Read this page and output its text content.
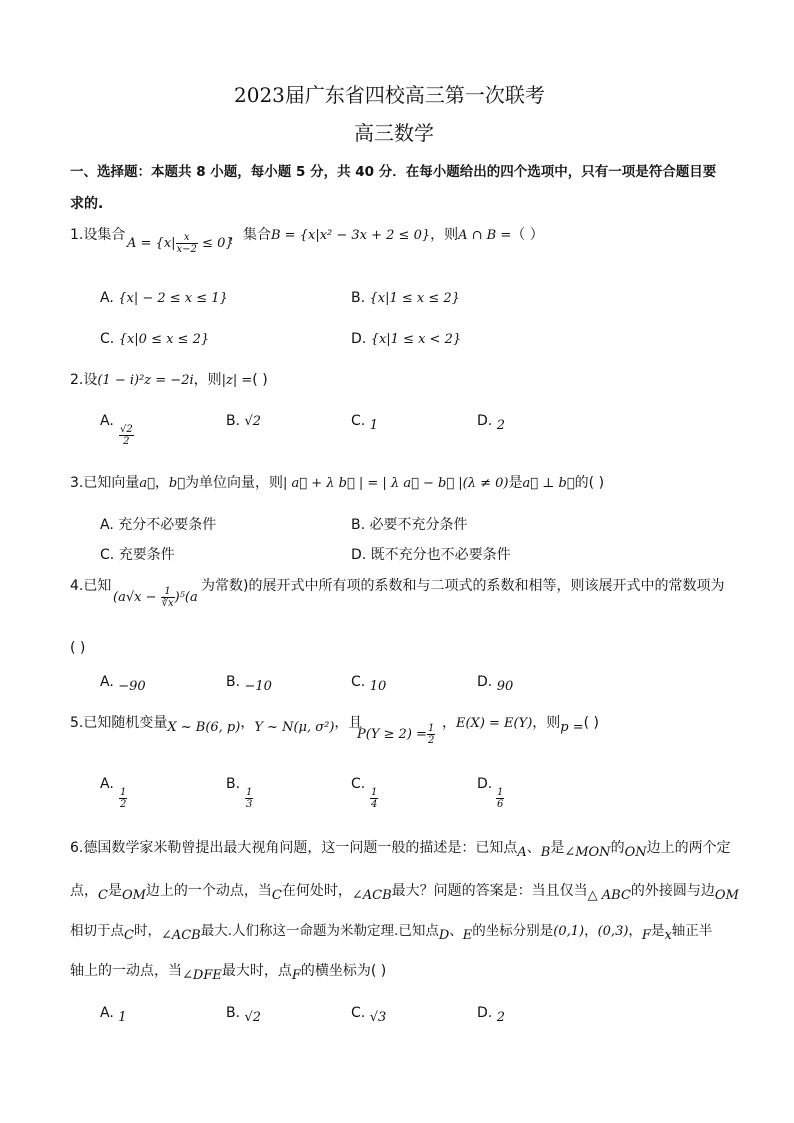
2023届广东省四校高三第一次联考
高三数学
一、选择题：本题共 8 小题，每小题 5 分，共 40 分．在每小题给出的四个选项中，只有一项是符合题目要
求的.
1.设集合
$A = \{x| \frac{x}{x-2} \le 0\}$
，集合B = {x|x² − 3x + 2 ≤ 0}，则A ∩ B =（ ）
A. {x| − 2 ≤ x ≤ 1}	B. {x|1 ≤ x ≤ 2}
C. {x|0 ≤ x ≤ 2}	D. {x|1 ≤ x < 2}
2.设(1 − i)²z = −2i，则|z| =( )
A.
$\frac{√2}{2}$
B. √2	C. 1	D. 2
3.已知向量a⃗，b⃗为单位向量，则| a⃗ + λ b⃗ | = | λ a⃗ − b⃗ |(λ ≠ 0)是a⃗ ⊥ b⃗的( )
A. 充分不必要条件	B. 必要不充分条件
C. 充要条件	D. 既不充分也不必要条件
4.已知
$(a√x - \frac{1}{∛x} )^5(a$
为常数)的展开式中所有项的系数和与二项式的系数和相等，则该展开式中的常数项为
( )
A. −90	B. −10	C. 10	D. 90
5.已知随机变量X ~ B(6, p)，Y ~ N(μ, σ²)，且
$P(Y \ge 2) = \frac{1}{2}$ ，E(X) = E(Y)，则p =( )
A.
$\frac{1}{2}$
B.
$\frac{1}{3}$
C.
$\frac{1}{4}$
D.
$\frac{1}{6}$
6.德国数学家米勒曾提出最大视角问题，这一问题一般的描述是：已知点A、B是∠MON的ON边上的两个定
点，C是OM边上的一个动点，当C在何处时，∠ACB最大？问题的答案是：当且仅当△ ABC的外接圆与边OM
相切于点C时，∠ACB最大.人们称这一命题为米勒定理.已知点D、E的坐标分别是(0,1)，(0,3)，F是x轴正半
轴上的一动点，当∠DFE最大时，点F的横坐标为( )
A. 1	B. √2	C. √3	D. 2
